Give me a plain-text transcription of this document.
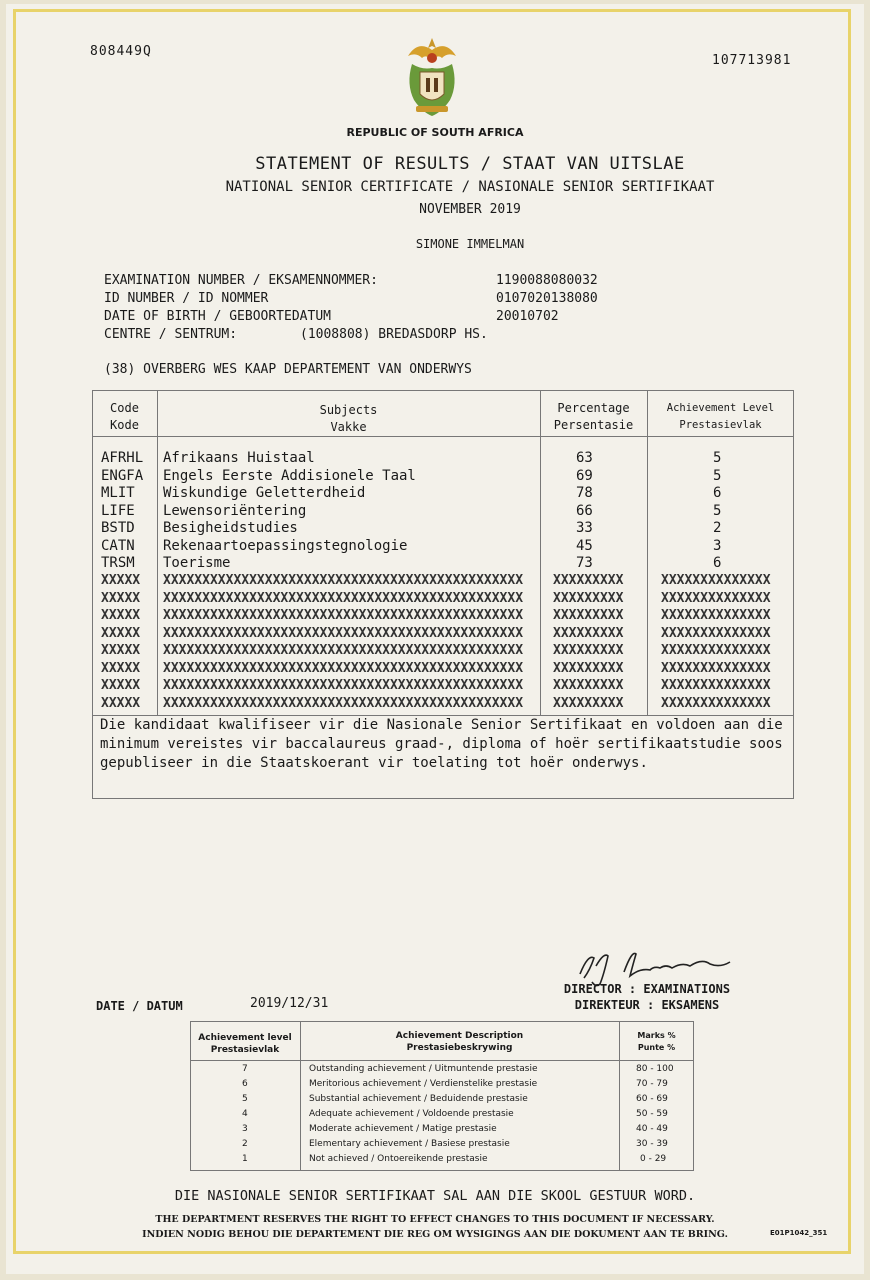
808449Q
107713981
REPUBLIC OF SOUTH AFRICA
STATEMENT OF RESULTS / STAAT VAN UITSLAE
NATIONAL SENIOR CERTIFICATE / NASIONALE SENIOR SERTIFIKAAT
NOVEMBER 2019
SIMONE IMMELMAN
EXAMINATION NUMBER / EKSAMENNOMMER:	1190088080032
ID NUMBER / ID NOMMER	0107020138080
DATE OF BIRTH / GEBOORTEDATUM	20010702
CENTRE / SENTRUM:	(1008808) BREDASDORP HS.
(38) OVERBERG WES KAAP DEPARTEMENT VAN ONDERWYS
Code
Kode
Subjects
Vakke
Percentage
Persentasie
Achievement Level
Prestasievlak
AFRHL Afrikaans Huistaal	63	5
ENGFA Engels Eerste Addisionele Taal	69	5
MLIT Wiskundige Geletterdheid	78	6
LIFE Lewensoriëntering	66	5
BSTD Besigheidstudies	33	2
CATN Rekenaartoepassingstegnologie	45	3
TRSM Toerisme	73	6
XXXXX	XXXXXXXXXXXXXXXXXXXXXXXXXXXXXXXXXXXXXXXXXXXXXX	XXXXXXXXX	XXXXXXXXXXXXXX
XXXXX	XXXXXXXXXXXXXXXXXXXXXXXXXXXXXXXXXXXXXXXXXXXXXX	XXXXXXXXX	XXXXXXXXXXXXXX
XXXXX	XXXXXXXXXXXXXXXXXXXXXXXXXXXXXXXXXXXXXXXXXXXXXX	XXXXXXXXX	XXXXXXXXXXXXXX
XXXXX	XXXXXXXXXXXXXXXXXXXXXXXXXXXXXXXXXXXXXXXXXXXXXX	XXXXXXXXX	XXXXXXXXXXXXXX
XXXXX	XXXXXXXXXXXXXXXXXXXXXXXXXXXXXXXXXXXXXXXXXXXXXX	XXXXXXXXX	XXXXXXXXXXXXXX
XXXXX	XXXXXXXXXXXXXXXXXXXXXXXXXXXXXXXXXXXXXXXXXXXXXX	XXXXXXXXX	XXXXXXXXXXXXXX
XXXXX	XXXXXXXXXXXXXXXXXXXXXXXXXXXXXXXXXXXXXXXXXXXXXX	XXXXXXXXX	XXXXXXXXXXXXXX
XXXXX	XXXXXXXXXXXXXXXXXXXXXXXXXXXXXXXXXXXXXXXXXXXXXX	XXXXXXXXX	XXXXXXXXXXXXXX
Die kandidaat kwalifiseer vir die Nasionale Senior Sertifikaat en voldoen aan die minimum vereistes vir baccalaureus graad-, diploma of hoër sertifikaatstudie soos gepubliseer in die Staatskoerant vir toelating tot hoër onderwys.
DIRECTOR : EXAMINATIONS
DIREKTEUR : EKSAMENS
DATE / DATUM	2019/12/31
Achievement level
Prestasievlak
Achievement Description
Prestasiebeskrywing
Marks %
Punte %
7	Outstanding achievement / Uitmuntende prestasie	80 - 100
6	Meritorious achievement / Verdienstelike prestasie	70 - 79
5	Substantial achievement / Beduidende prestasie	60 - 69
4	Adequate achievement / Voldoende prestasie	50 - 59
3	Moderate achievement / Matige prestasie	40 - 49
2	Elementary achievement / Basiese prestasie	30 - 39
1	Not achieved / Ontoereikende prestasie	0 - 29
DIE NASIONALE SENIOR SERTIFIKAAT SAL AAN DIE SKOOL GESTUUR WORD.
THE DEPARTMENT RESERVES THE RIGHT TO EFFECT CHANGES TO THIS DOCUMENT IF NECESSARY.
INDIEN NODIG BEHOU DIE DEPARTEMENT DIE REG OM WYSIGINGS AAN DIE DOKUMENT AAN TE BRING.	E01P1042_351
